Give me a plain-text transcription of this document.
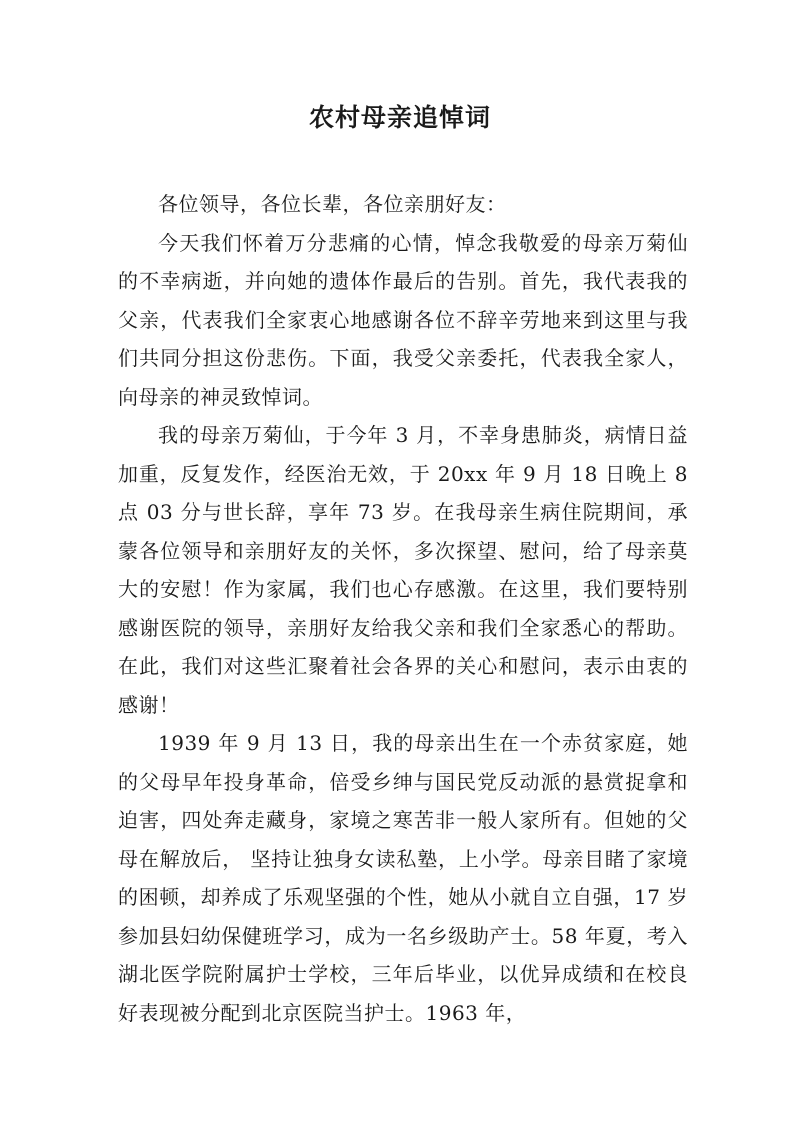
农村母亲追悼词

各位领导，各位长辈，各位亲朋好友：

今天我们怀着万分悲痛的心情，悼念我敬爱的母亲万菊仙的不幸病逝，并向她的遗体作最后的告别。首先，我代表我的父亲，代表我们全家衷心地感谢各位不辞辛劳地来到这里与我们共同分担这份悲伤。下面，我受父亲委托，代表我全家人，向母亲的神灵致悼词。

我的母亲万菊仙，于今年 3 月，不幸身患肺炎，病情日益加重，反复发作，经医治无效，于 20xx 年 9 月 18 日晚上 8 点 03 分与世长辞，享年 73 岁。在我母亲生病住院期间，承蒙各位领导和亲朋好友的关怀，多次探望、慰问，给了母亲莫大的安慰！作为家属，我们也心存感激。在这里，我们要特别感谢医院的领导，亲朋好友给我父亲和我们全家悉心的帮助。在此，我们对这些汇聚着社会各界的关心和慰问，表示由衷的感谢！

1939 年 9 月 13 日，我的母亲出生在一个赤贫家庭，她的父母早年投身革命，倍受乡绅与国民党反动派的悬赏捉拿和迫害，四处奔走藏身，家境之寒苦非一般人家所有。但她的父母在解放后， 坚持让独身女读私塾，上小学。母亲目睹了家境的困顿，却养成了乐观坚强的个性，她从小就自立自强，17 岁参加县妇幼保健班学习，成为一名乡级助产士。58 年夏，考入湖北医学院附属护士学校，三年后毕业，以优异成绩和在校良好表现被分配到北京医院当护士。1963 年，
